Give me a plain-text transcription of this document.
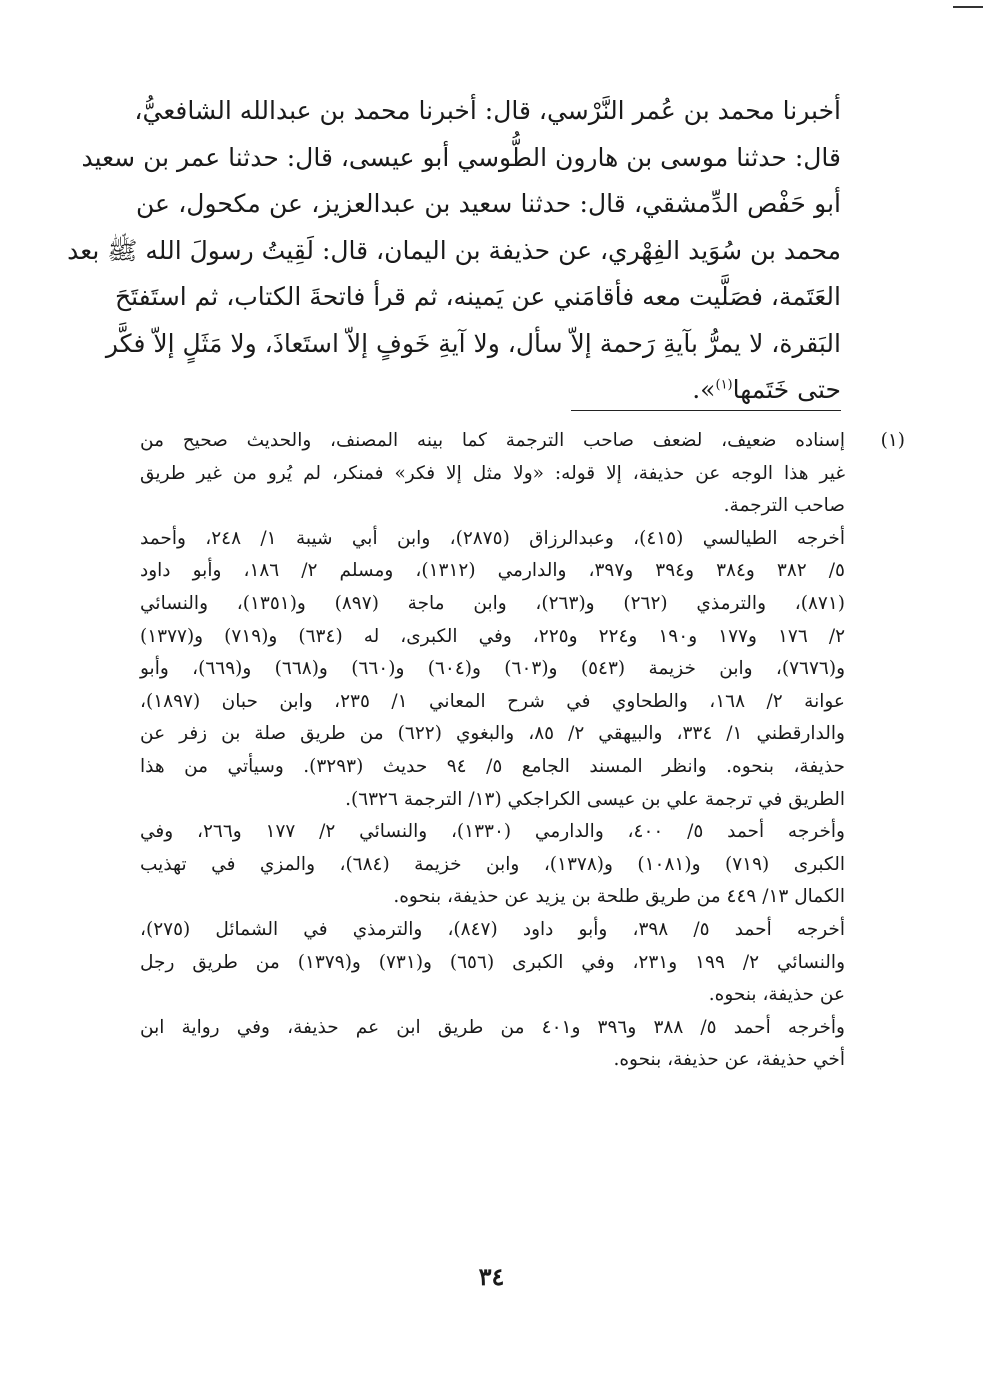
أخبرنا محمد بن عُمر النَّرْسي، قال: أخبرنا محمد بن عبدالله الشافعيُّ،
قال: حدثنا موسى بن هارون الطُّوسي أبو عيسى، قال: حدثنا عمر بن سعيد
أبو حَفْص الدِّمشقي، قال: حدثنا سعيد بن عبدالعزيز، عن مكحول، عن
محمد بن سُوَيد الفِهْري، عن حذيفة بن اليمان، قال: لَقِيتُ رسولَ الله ﷺ بعد
العَتَمة، فصَلَّيت معه فأقامَني عن يَمينه، ثم قرأ فاتحةَ الكتاب، ثم استَفتَحَ
البَقرة، لا يمرُّ بآيةِ رَحمة إلاّ سأل، ولا آيةِ خَوفٍ إلاّ استَعاذَ، ولا مَثَلٍ إلاّ فكَّر
حتى خَتَمها$^{(١)}$».
(١)
إسناده ضعيف، لضعف صاحب الترجمة كما بينه المصنف، والحديث صحيح من
غير هذا الوجه عن حذيفة، إلا قوله: «ولا مثل إلا فكر» فمنكر، لم يُرو من غير طريق
صاحب الترجمة.
أخرجه الطيالسي (٤١٥)، وعبدالرزاق (٢٨٧٥)، وابن أبي شيبة ١/ ٢٤٨، وأحمد
٥/ ٣٨٢ و٣٨٤ و٣٩٤ و٣٩٧، والدارمي (١٣١٢)، ومسلم ٢/ ١٨٦، وأبو داود
(٨٧١)، والترمذي (٢٦٢) و(٢٦٣)، وابن ماجة (٨٩٧) و(١٣٥١)، والنسائي
٢/ ١٧٦ و١٧٧ و١٩٠ و٢٢٤ و٢٢٥، وفي الكبرى، له (٦٣٤) و(٧١٩) و(١٣٧٧)
و(٧٦٧٦)، وابن خزيمة (٥٤٣) و(٦٠٣) و(٦٠٤) و(٦٦٠) و(٦٦٨) و(٦٦٩)، وأبو
عوانة ٢/ ١٦٨، والطحاوي في شرح المعاني ١/ ٢٣٥، وابن حبان (١٨٩٧)،
والدارقطني ١/ ٣٣٤، والبيهقي ٢/ ٨٥، والبغوي (٦٢٢) من طريق صلة بن زفر عن
حذيفة، بنحوه. وانظر المسند الجامع ٥/ ٩٤ حديث (٣٢٩٣). وسيأتي من هذا
الطريق في ترجمة علي بن عيسى الكراجكي (١٣/ الترجمة ٦٣٢٦).
وأخرجه أحمد ٥/ ٤٠٠، والدارمي (١٣٣٠)، والنسائي ٢/ ١٧٧ و٢٦٦، وفي
الكبرى (٧١٩) و(١٠٨١) و(١٣٧٨)، وابن خزيمة (٦٨٤)، والمزي في تهذيب
الكمال ١٣/ ٤٤٩ من طريق طلحة بن يزيد عن حذيفة، بنحوه.
أخرجه أحمد ٥/ ٣٩٨، وأبو داود (٨٤٧)، والترمذي في الشمائل (٢٧٥)،
والنسائي ٢/ ١٩٩ و٢٣١، وفي الكبرى (٦٥٦) و(٧٣١) و(١٣٧٩) من طريق رجل
عن حذيفة، بنحوه.
وأخرجه أحمد ٥/ ٣٨٨ و٣٩٦ و٤٠١ من طريق ابن عم حذيفة، وفي رواية ابن
أخي حذيفة، عن حذيفة، بنحوه.
٣٤
